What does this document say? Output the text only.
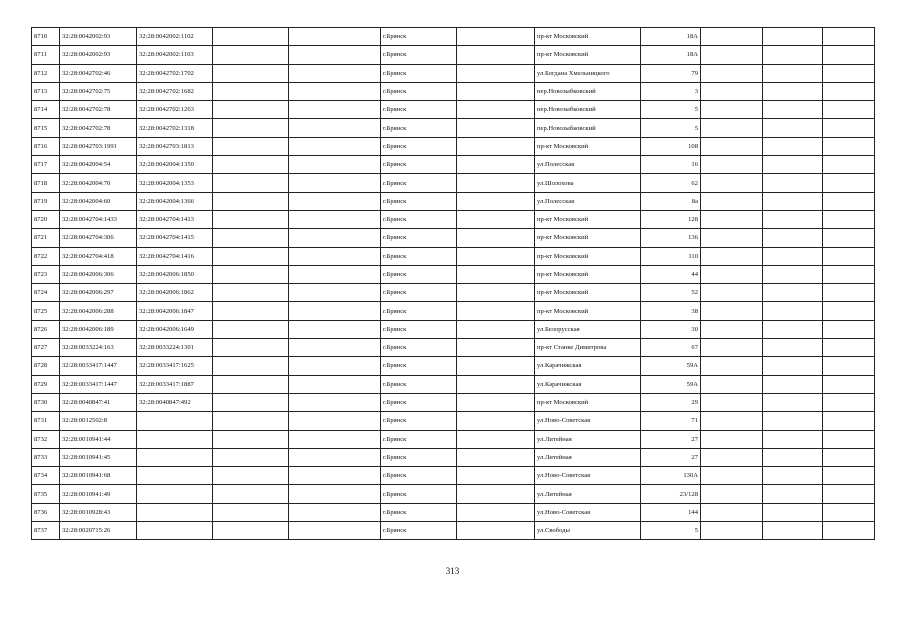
8710	32:28:0042002:93	32:28:0042002:1102			г.Брянск		пр-кт Московский	18А			
8711	32:28:0042002:93	32:28:0042002:1103			г.Брянск		пр-кт Московский	18А			
8712	32:28:0042702:46	32:28:0042702:1702			г.Брянск		ул.Богдана Хмельницкого	79			
8713	32:28:0042702:75	32:28:0042702:1682			г.Брянск		пер.Новозыбковский	3			
8714	32:28:0042702:78	32:28:0042702:1263			г.Брянск		пер.Новозыбковский	5			
8715	32:28:0042702:78	32:28:0042702:1318			г.Брянск		пер.Новозыбковский	5			
8716	32:28:0042703:1991	32:28:0042703:1813			г.Брянск		пр-кт Московский	108			
8717	32:28:0042004:54	32:28:0042004:1350			г.Брянск		ул.Полесская	16			
8718	32:28:0042004:70	32:28:0042004:1353			г.Брянск		ул.Шолохова	62			
8719	32:28:0042004:60	32:28:0042004:1366			г.Брянск		ул.Полесская	8а			
8720	32:28:0042704:1433	32:28:0042704:1413			г.Брянск		пр-кт Московский	128			
8721	32:28:0042704:306	32:28:0042704:1415			г.Брянск		пр-кт Московский	136			
8722	32:28:0042704:418	32:28:0042704:1416			г.Брянск		пр-кт Московский	110			
8723	32:28:0042006:306	32:28:0042006:1850			г.Брянск		пр-кт Московский	44			
8724	32:28:0042006:297	32:28:0042006:1862			г.Брянск		пр-кт Московский	52			
8725	32:28:0042006:288	32:28:0042006:1847			г.Брянск		пр-кт Московский	38			
8726	32:28:0042006:189	32:28:0042006:1649			г.Брянск		ул.Белорусская	30			
8727	32:28:0033224:163	32:28:0033224:1301			г.Брянск		пр-кт Станке Димитрова	67			
8728	32:28:0033417:1447	32:28:0033417:1625			г.Брянск		ул.Карачижская	59А			
8729	32:28:0033417:1447	32:28:0033417:1887			г.Брянск		ул.Карачижская	59А			
8730	32:28:0040847:41	32:28:0040847:492			г.Брянск		пр-кт Московский	29			
8731	32:28:0012502:8				г.Брянск		ул.Ново-Советская	71			
8732	32:28:0010941:44				г.Брянск		ул.Литейная	27			
8733	32:28:0010941:45				г.Брянск		ул.Литейная	27			
8734	32:28:0010941:68				г.Брянск		ул.Ново-Советская	130А			
8735	32:28:0010941:49				г.Брянск		ул.Литейная	23/128			
8736	32:28:0010928:43				г.Брянск		ул.Ново-Советская	144			
8737	32:28:0020715:26				г.Брянск		ул.Свободы	5			
313
